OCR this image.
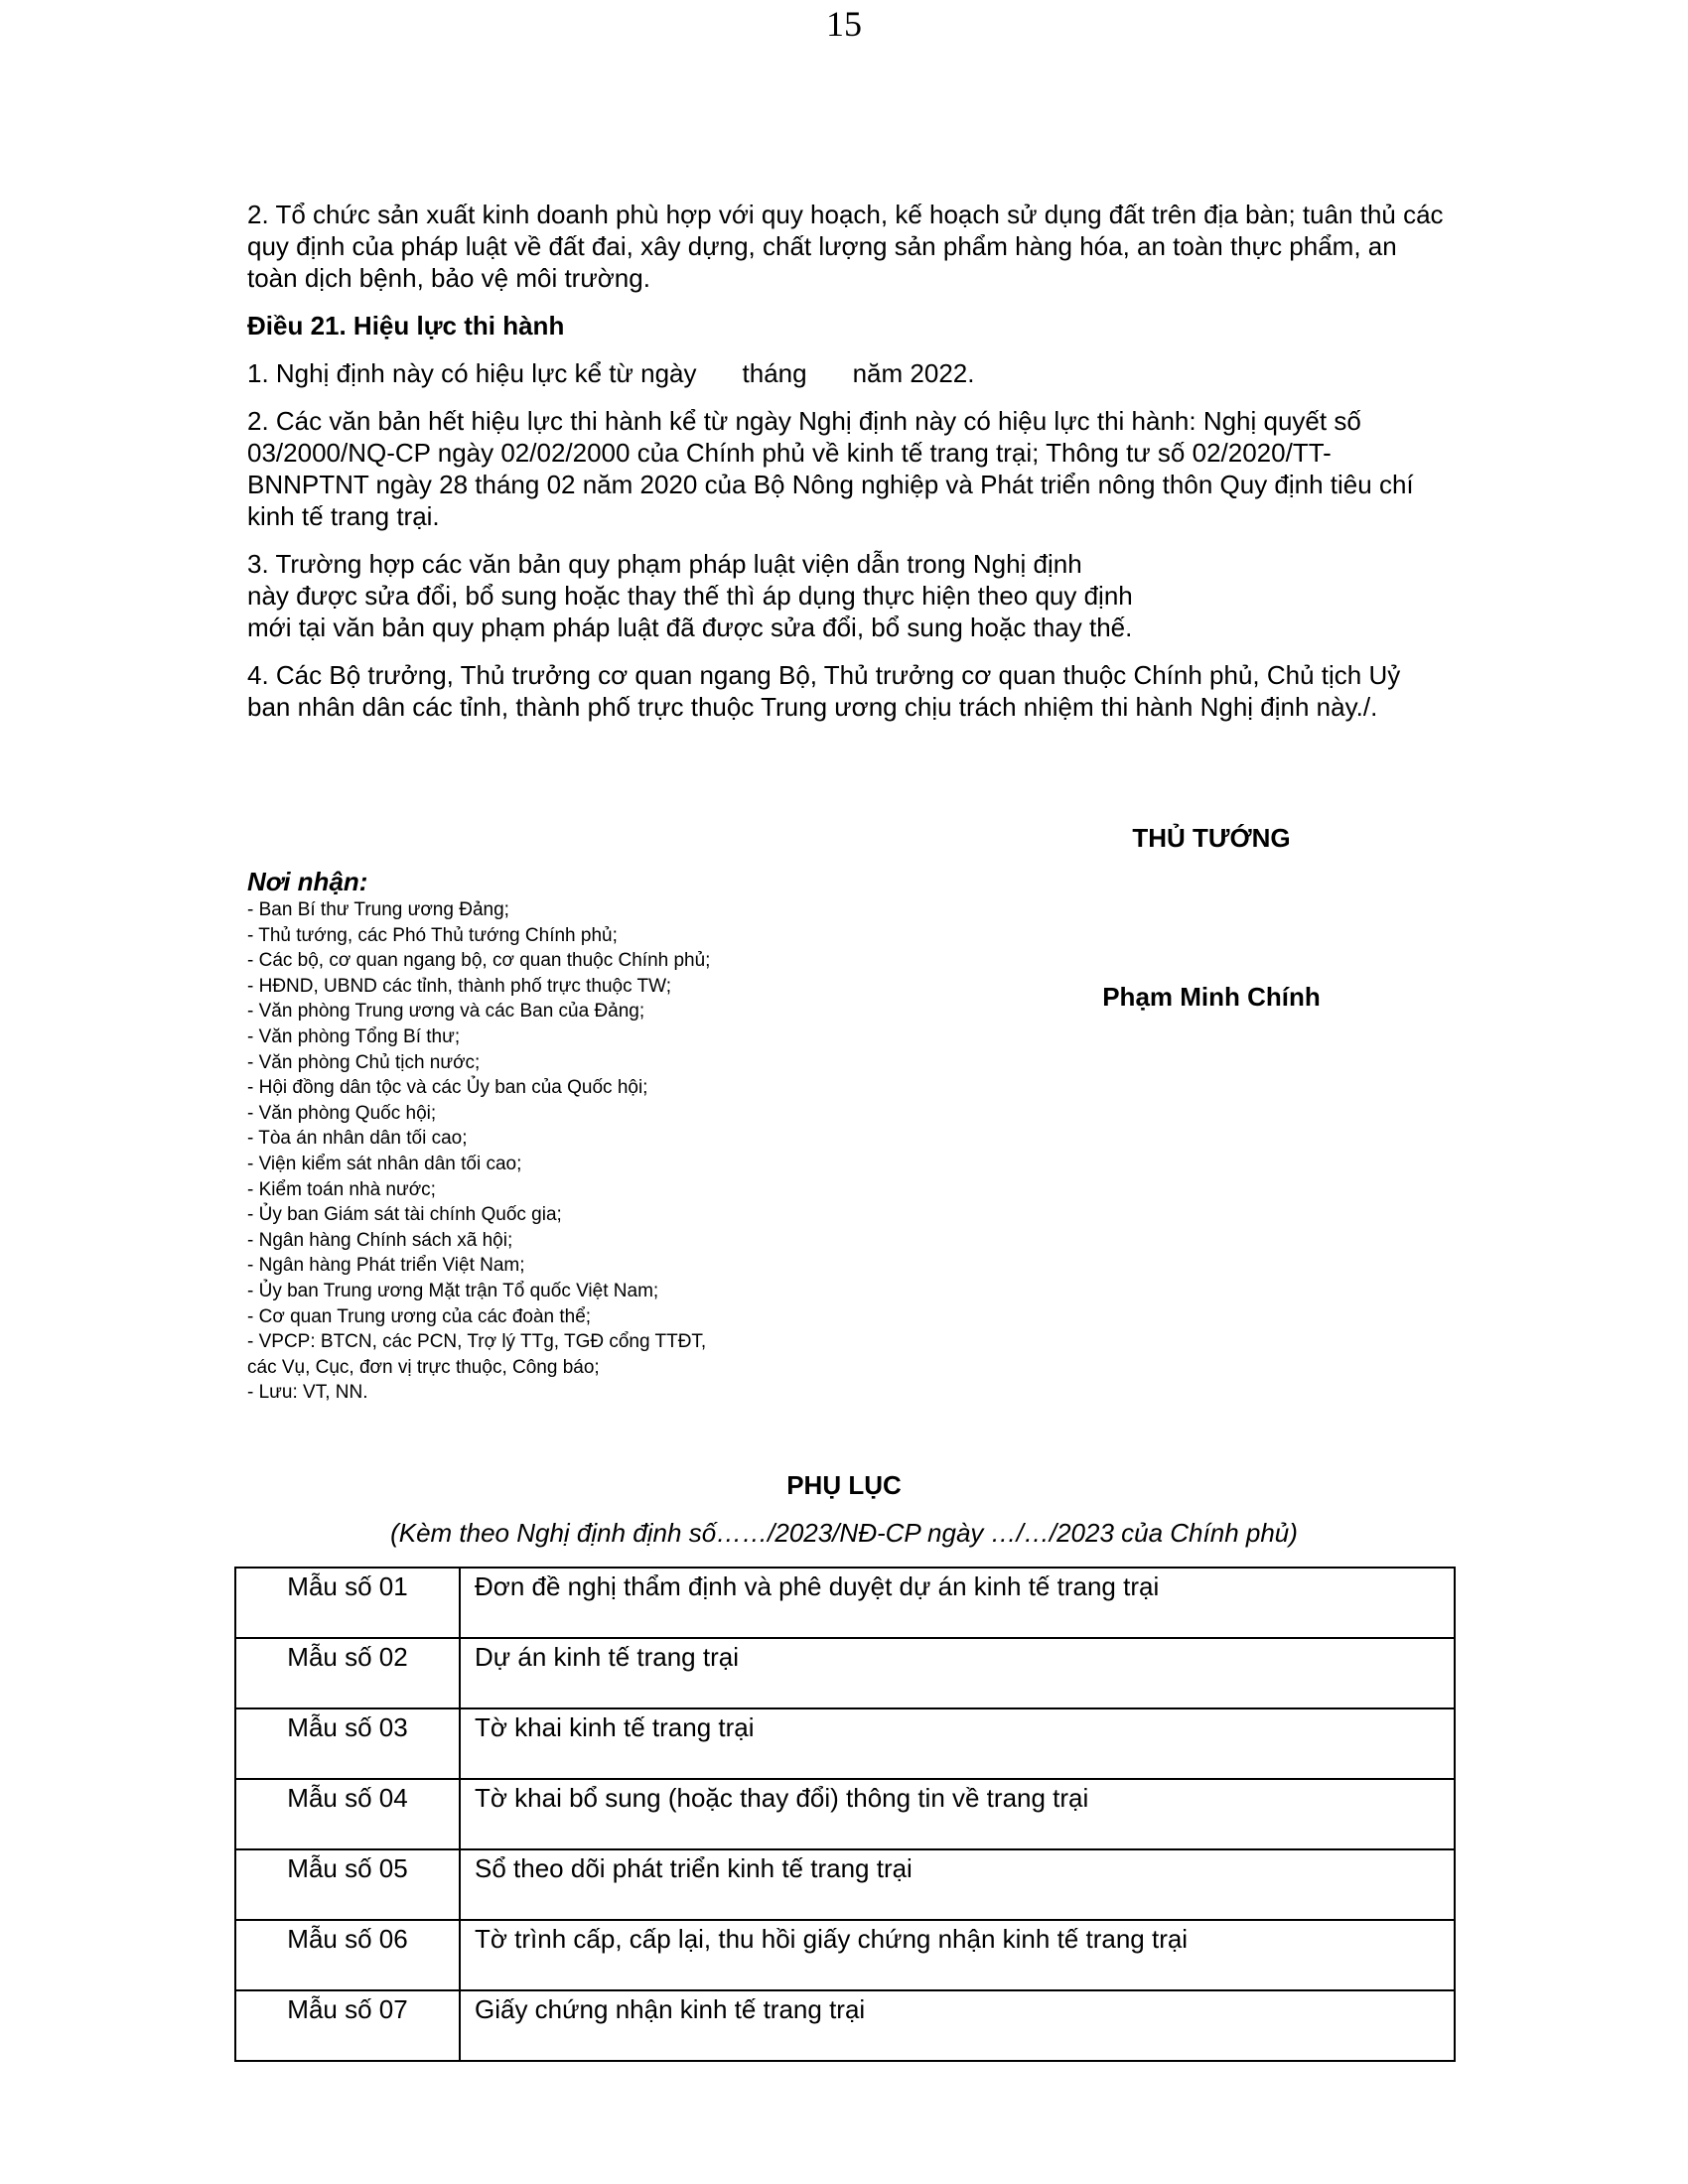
15

2. Tổ chức sản xuất kinh doanh phù hợp với quy hoạch, kế hoạch sử dụng đất trên địa bàn; tuân thủ các quy định của pháp luật về đất đai, xây dựng, chất lượng sản phẩm hàng hóa, an toàn thực phẩm, an toàn dịch bệnh, bảo vệ môi trường.

Điều 21. Hiệu lực thi hành

1. Nghị định này có hiệu lực kể từ ngày tháng năm 2022.

2. Các văn bản hết hiệu lực thi hành kể từ ngày Nghị định này có hiệu lực thi hành: Nghị quyết số 03/2000/NQ-CP ngày 02/02/2000 của Chính phủ về kinh tế trang trại; Thông tư số 02/2020/TT-BNNPTNT ngày 28 tháng 02 năm 2020 của Bộ Nông nghiệp và Phát triển nông thôn Quy định tiêu chí kinh tế trang trại.

3. Trường hợp các văn bản quy phạm pháp luật viện dẫn trong Nghị định
này được sửa đổi, bổ sung hoặc thay thế thì áp dụng thực hiện theo quy định
mới tại văn bản quy phạm pháp luật đã được sửa đổi, bổ sung hoặc thay thế.

4. Các Bộ trưởng, Thủ trưởng cơ quan ngang Bộ, Thủ trưởng cơ quan thuộc Chính phủ, Chủ tịch Uỷ ban nhân dân các tỉnh, thành phố trực thuộc Trung ương chịu trách nhiệm thi hành Nghị định này./.

THỦ TƯỚNG
Phạm Minh Chính
Nơi nhận:
- Ban Bí thư Trung ương Đảng;
- Thủ tướng, các Phó Thủ tướng Chính phủ;
- Các bộ, cơ quan ngang bộ, cơ quan thuộc Chính phủ;
- HĐND, UBND các tỉnh, thành phố trực thuộc TW;
- Văn phòng Trung ương và các Ban của Đảng;
- Văn phòng Tổng Bí thư;
- Văn phòng Chủ tịch nước;
- Hội đồng dân tộc và các Ủy ban của Quốc hội;
- Văn phòng Quốc hội;
- Tòa án nhân dân tối cao;
- Viện kiểm sát nhân dân tối cao;
- Kiểm toán nhà nước;
- Ủy ban Giám sát tài chính Quốc gia;
- Ngân hàng Chính sách xã hội;
- Ngân hàng Phát triển Việt Nam;
- Ủy ban Trung ương Mặt trận Tổ quốc Việt Nam;
- Cơ quan Trung ương của các đoàn thể;
- VPCP: BTCN, các PCN, Trợ lý TTg, TGĐ cổng TTĐT,
các Vụ, Cục, đơn vị trực thuộc, Công báo;
- Lưu: VT, NN.
PHỤ LỤC
(Kèm theo Nghị định định số……/2023/NĐ-CP ngày …/…/2023 của Chính phủ)
Mẫu số 01	Đơn đề nghị thẩm định và phê duyệt dự án kinh tế trang trại
Mẫu số 02	Dự án kinh tế trang trại
Mẫu số 03	Tờ khai kinh tế trang trại
Mẫu số 04	Tờ khai bổ sung (hoặc thay đổi) thông tin về trang trại
Mẫu số 05	Sổ theo dõi phát triển kinh tế trang trại
Mẫu số 06	Tờ trình cấp, cấp lại, thu hồi giấy chứng nhận kinh tế trang trại
Mẫu số 07	Giấy chứng nhận kinh tế trang trại
